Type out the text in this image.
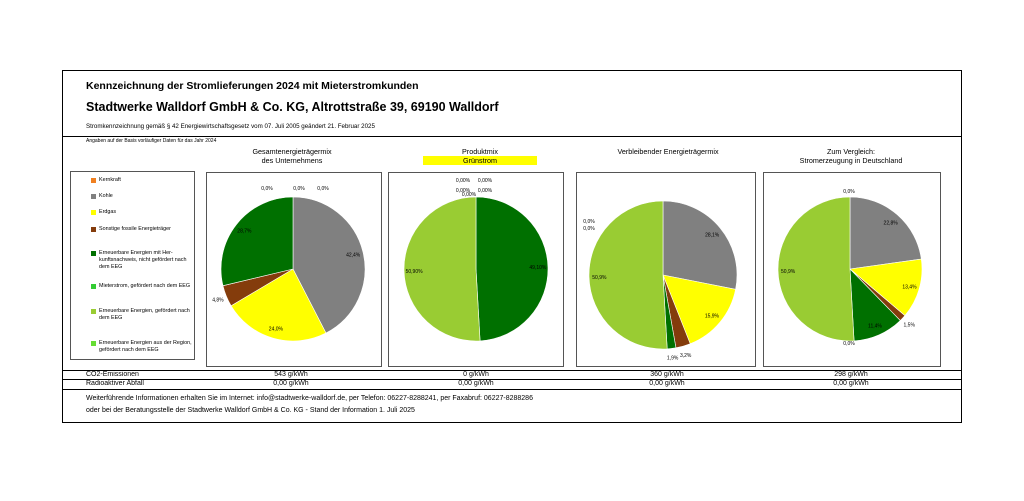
Kennzeichnung der Stromlieferungen 2024 mit Mieterstromkunden
Stadtwerke Walldorf GmbH & Co. KG, Altrottstraße 39, 69190 Walldorf
Stromkennzeichnung gemäß § 42 Energiewirtschaftsgesetz vom 07. Juli 2005 geändert 21. Februar 2025
Angaben auf der Basis vorläufiger Daten für das Jahr 2024
Gesamtenergieträgermix
des Unternehmens
Produktmix
Grünstrom
Verbleibender Energieträgermix	Zum Vergleich:
Stromerzeugung in Deutschland
Kernkraft
Kohle
Erdgas
Sonstige fossile Energieträger
Erneuerbare Energien mit Her-kunftsnachweis, nicht gefördert nach dem EEG
Mieterstrom, gefördert nach dem EEG
Erneuerbare Energien, gefördert nach dem EEG
Erneuerbare Energien aus der Region, gefördert nach dem EEG
42,4%
24,0%
4,8%
28,7%
0,0%	0,0%	0,0%
49,10%
50,90%
0,00% 0,00%
0,00% 0,00%
0,00%
28,1%
15,9%
3,2%
1,9%
50,9%
0,0%
0,0%
22,8%
13,4%
1,5%
11,4%
50,9%
0,0%
0,0%
CO2-Emissionen	543 g/kWh	0 g/kWh	360 g/kWh	298 g/kWh
Radioaktiver Abfall	0,00 g/kWh	0,00 g/kWh	0,00 g/kWh	0,00 g/kWh
Weiterführende Informationen erhalten Sie im Internet: info@stadtwerke-walldorf.de, per Telefon: 06227-8288241, per Faxabruf: 06227-8288286
oder bei der Beratungsstelle der Stadtwerke Walldorf GmbH & Co. KG - Stand der Information 1. Juli 2025
